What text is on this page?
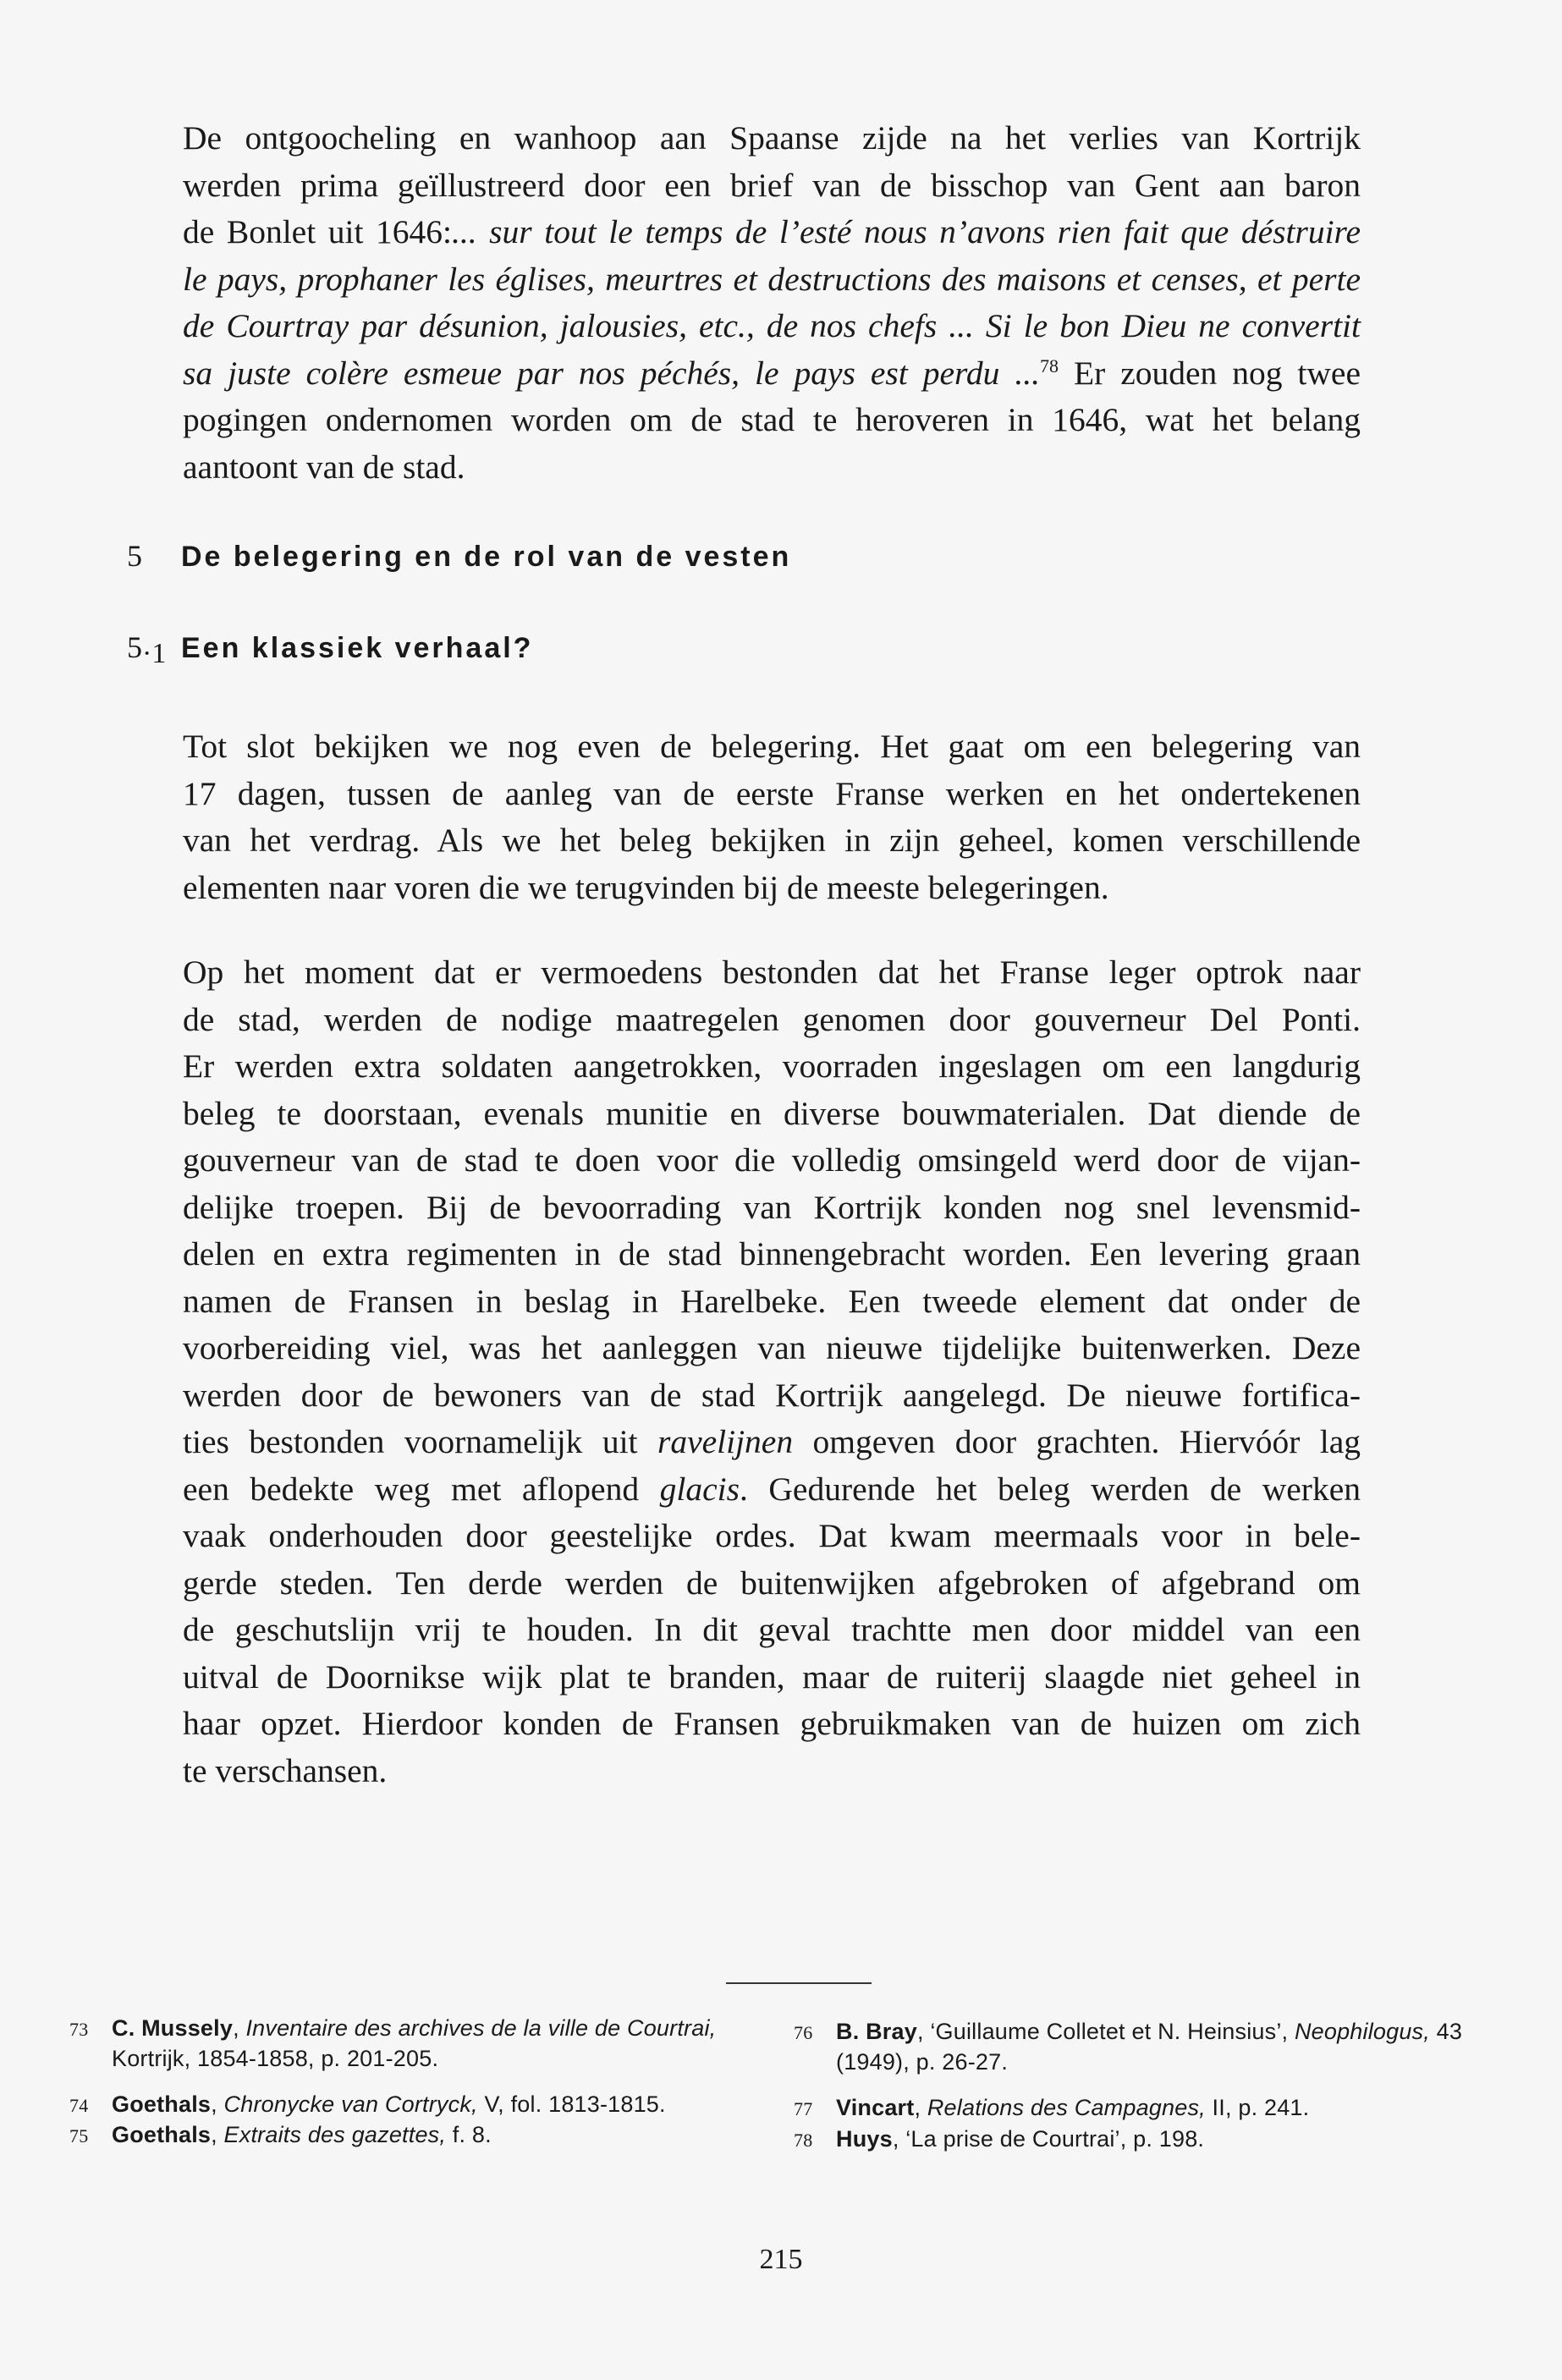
De ontgoocheling en wanhoop aan Spaanse zijde na het verlies van Kortrijk
werden prima geïllustreerd door een brief van de bisschop van Gent aan baron
de Bonlet uit 1646:... sur tout le temps de l’esté nous n’avons rien fait que déstruire
le pays, prophaner les églises, meurtres et destructions des maisons et censes, et perte
de Courtray par désunion, jalousies, etc., de nos chefs ... Si le bon Dieu ne convertit
sa juste colère esmeue par nos péchés, le pays est perdu ...$^{78}$ Er zouden nog twee
pogingen ondernomen worden om de stad te heroveren in 1646, wat het belang
aantoont van de stad.
5	De belegering en de rol van de vesten
$5_{\cdot 1}$ Een klassiek verhaal?
Tot slot bekijken we nog even de belegering. Het gaat om een belegering van
17 dagen, tussen de aanleg van de eerste Franse werken en het ondertekenen
van het verdrag. Als we het beleg bekijken in zijn geheel, komen verschillende
elementen naar voren die we terugvinden bij de meeste belegeringen.
Op het moment dat er vermoedens bestonden dat het Franse leger optrok naar
de stad, werden de nodige maatregelen genomen door gouverneur Del Ponti.
Er werden extra soldaten aangetrokken, voorraden ingeslagen om een langdurig
beleg te doorstaan, evenals munitie en diverse bouwmaterialen. Dat diende de
gouverneur van de stad te doen voor die volledig omsingeld werd door de vijan-
delijke troepen. Bij de bevoorrading van Kortrijk konden nog snel levensmid-
delen en extra regimenten in de stad binnengebracht worden. Een levering graan
namen de Fransen in beslag in Harelbeke. Een tweede element dat onder de
voorbereiding viel, was het aanleggen van nieuwe tijdelijke buitenwerken. Deze
werden door de bewoners van de stad Kortrijk aangelegd. De nieuwe fortifica-
ties bestonden voornamelijk uit ravelijnen omgeven door grachten. Hiervóór lag
een bedekte weg met aflopend glacis. Gedurende het beleg werden de werken
vaak onderhouden door geestelijke ordes. Dat kwam meermaals voor in bele-
gerde steden. Ten derde werden de buitenwijken afgebroken of afgebrand om
de geschutslijn vrij te houden. In dit geval trachtte men door middel van een
uitval de Doornikse wijk plat te branden, maar de ruiterij slaagde niet geheel in
haar opzet. Hierdoor konden de Fransen gebruikmaken van de huizen om zich
te verschansen.
73 C. Mussely, Inventaire des archives de la ville de Courtrai,
Kortrijk, 1854-1858, p. 201-205.
74 Goethals, Chronycke van Cortryck, V, fol. 1813-1815.
75 Goethals, Extraits des gazettes, f. 8.
76 B. Bray, ‘Guillaume Colletet et N. Heinsius’, Neophilogus, 43
(1949), p. 26-27.
77 Vincart, Relations des Campagnes, II, p. 241.
78 Huys, ‘La prise de Courtrai’, p. 198.
215
